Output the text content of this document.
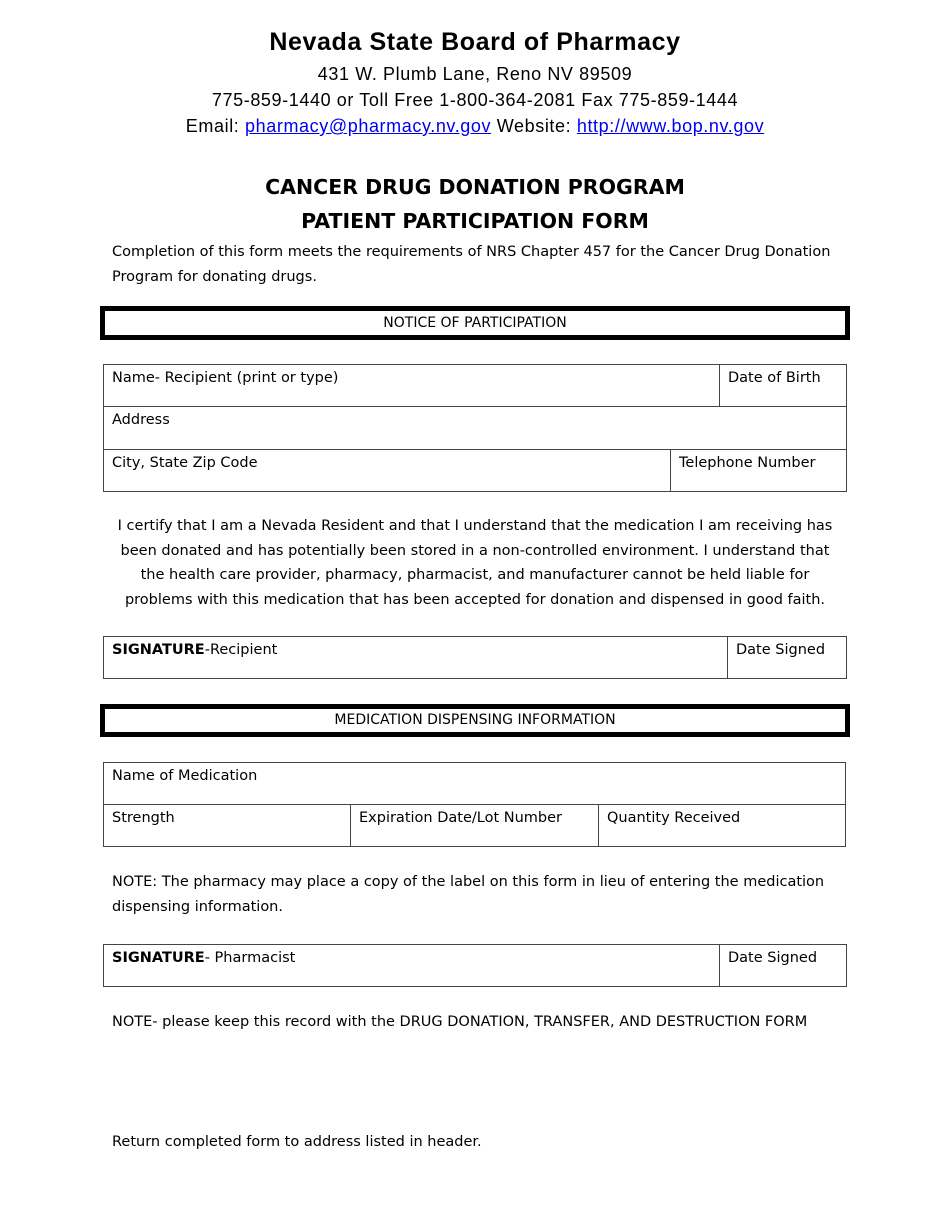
Nevada State Board of Pharmacy
431 W. Plumb Lane, Reno NV 89509
775-859-1440 or Toll Free 1-800-364-2081 Fax 775-859-1444
Email: pharmacy@pharmacy.nv.gov Website: http://www.bop.nv.gov
CANCER DRUG DONATION PROGRAM
PATIENT PARTICIPATION FORM
Completion of this form meets the requirements of NRS Chapter 457 for the Cancer Drug Donation Program for donating drugs.
NOTICE OF PARTICIPATION
Name- Recipient (print or type)	Date of Birth
Address
City, State Zip Code	Telephone Number
I certify that I am a Nevada Resident and that I understand that the medication I am receiving has been donated and has potentially been stored in a non-controlled environment. I understand that the health care provider, pharmacy, pharmacist, and manufacturer cannot be held liable for problems with this medication that has been accepted for donation and dispensed in good faith.
SIGNATURE-Recipient	Date Signed
MEDICATION DISPENSING INFORMATION
Name of Medication
Strength	Expiration Date/Lot Number	Quantity Received
NOTE: The pharmacy may place a copy of the label on this form in lieu of entering the medication dispensing information.
SIGNATURE- Pharmacist	Date Signed
NOTE- please keep this record with the DRUG DONATION, TRANSFER, AND DESTRUCTION FORM
Return completed form to address listed in header.
